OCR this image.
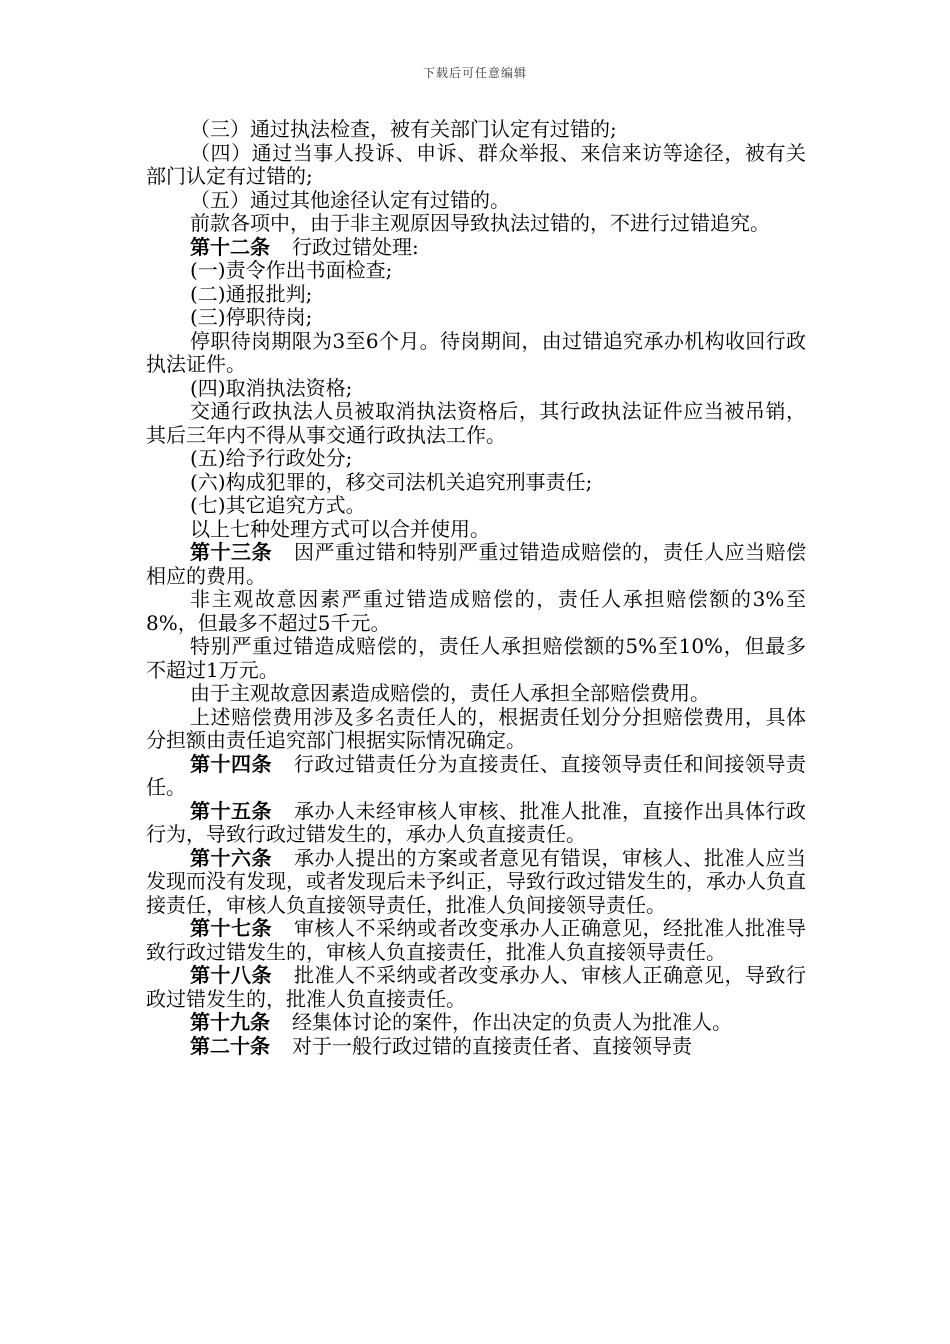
下载后可任意编辑

（三）通过执法检查，被有关部门认定有过错的;

（四）通过当事人投诉、申诉、群众举报、来信来访等途径，被有关部门认定有过错的;

（五）通过其他途径认定有过错的。

前款各项中，由于非主观原因导致执法过错的，不进行过错追究。

第十二条 行政过错处理:

(一)责令作出书面检查;

(二)通报批判;

(三)停职待岗;

停职待岗期限为3至6个月。待岗期间，由过错追究承办机构收回行政执法证件。

(四)取消执法资格;

交通行政执法人员被取消执法资格后，其行政执法证件应当被吊销，其后三年内不得从事交通行政执法工作。

(五)给予行政处分;

(六)构成犯罪的，移交司法机关追究刑事责任;

(七)其它追究方式。

以上七种处理方式可以合并使用。

第十三条 因严重过错和特别严重过错造成赔偿的，责任人应当赔偿相应的费用。

非主观故意因素严重过错造成赔偿的，责任人承担赔偿额的3%至8%，但最多不超过5千元。

特别严重过错造成赔偿的，责任人承担赔偿额的5%至10%，但最多不超过1万元。

由于主观故意因素造成赔偿的，责任人承担全部赔偿费用。

上述赔偿费用涉及多名责任人的，根据责任划分分担赔偿费用，具体分担额由责任追究部门根据实际情况确定。

第十四条 行政过错责任分为直接责任、直接领导责任和间接领导责任。

第十五条 承办人未经审核人审核、批准人批准，直接作出具体行政行为，导致行政过错发生的，承办人负直接责任。

第十六条 承办人提出的方案或者意见有错误，审核人、批准人应当发现而没有发现，或者发现后未予纠正，导致行政过错发生的，承办人负直接责任，审核人负直接领导责任，批准人负间接领导责任。

第十七条 审核人不采纳或者改变承办人正确意见，经批准人批准导致行政过错发生的，审核人负直接责任，批准人负直接领导责任。

第十八条 批准人不采纳或者改变承办人、审核人正确意见，导致行政过错发生的，批准人负直接责任。

第十九条 经集体讨论的案件，作出决定的负责人为批准人。

第二十条 对于一般行政过错的直接责任者、直接领导责
